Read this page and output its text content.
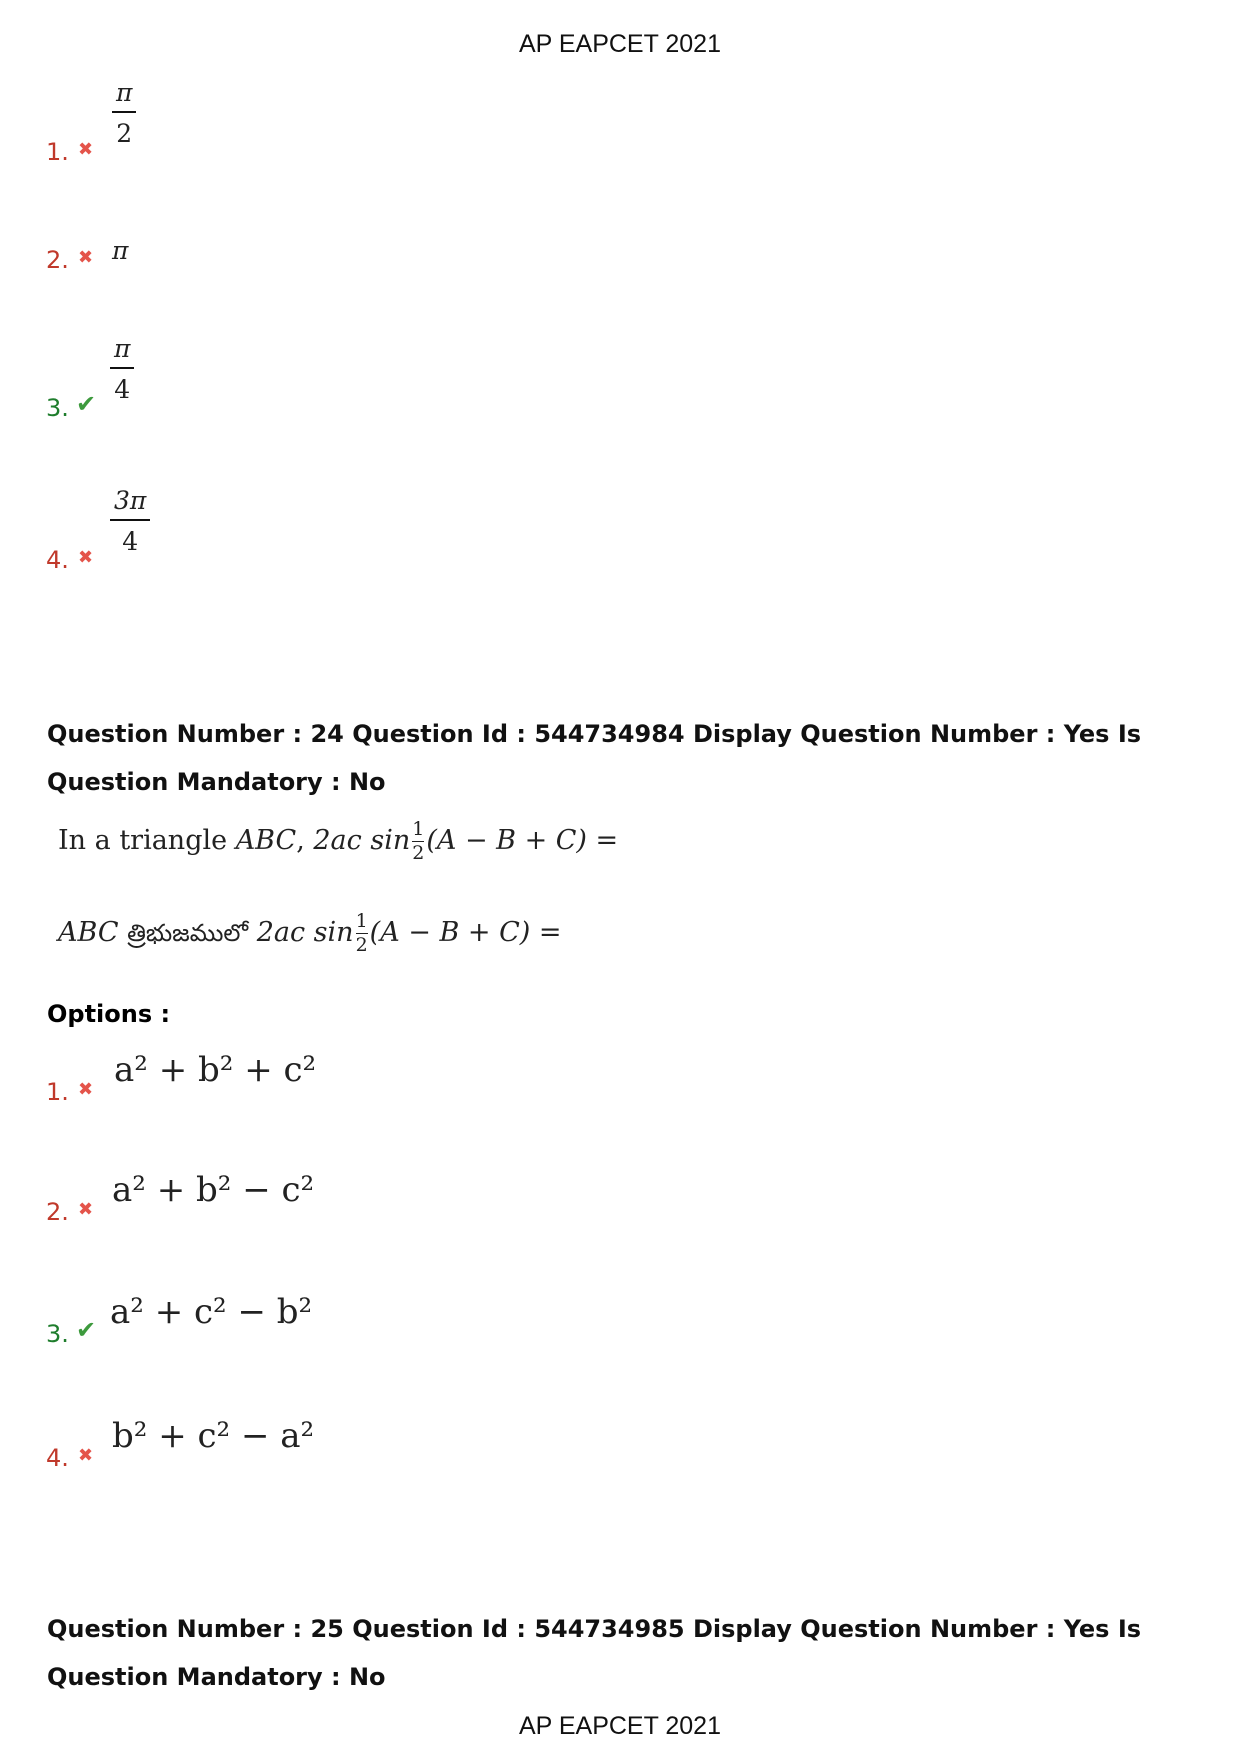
AP EAPCET 2021
1. ✖
$\frac{\pi}{2}$
2. ✖ π
3. ✔
$\frac{\pi}{4}$
4. ✖
$\frac{3\pi}{4}$
Question Number : 24 Question Id : 544734984 Display Question Number : Yes Is Question Mandatory : No
In a triangle ABC, 2ac $\sin \frac{1}{2} (A - B + C)$ =
ABC త్రిభుజములో 2ac $\sin \frac{1}{2} (A - B + C)$ =
Options :
1. ✖ a² + b² + c²
2. ✖ a² + b² − c²
3. ✔ a² + c² − b²
4. ✖ b² + c² − a²
Question Number : 25 Question Id : 544734985 Display Question Number : Yes Is Question Mandatory : No
AP EAPCET 2021
